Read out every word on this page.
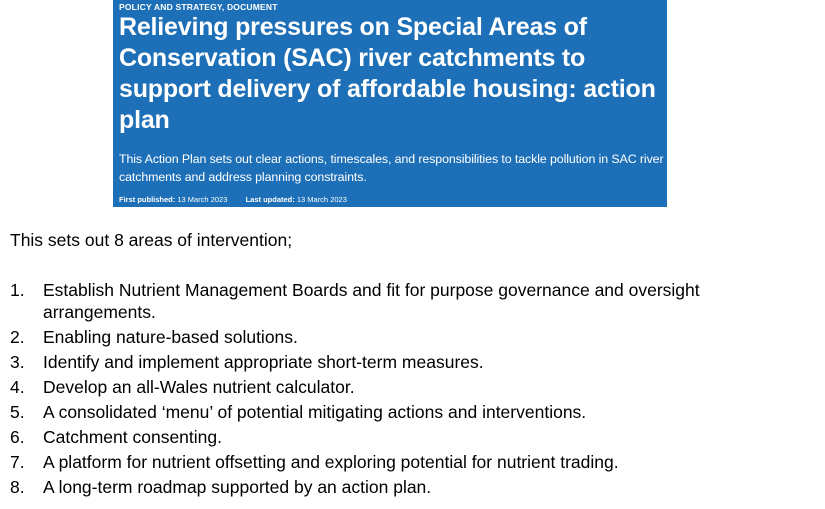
POLICY AND STRATEGY, DOCUMENT
Relieving pressures on Special Areas of Conservation (SAC) river catchments to support delivery of affordable housing: action plan

This Action Plan sets out clear actions, timescales, and responsibilities to tackle pollution in SAC river catchments and address planning constraints.

First published: 13 March 2023 Last updated: 13 March 2023

This sets out 8 areas of intervention;

1. Establish Nutrient Management Boards and fit for purpose governance and oversight arrangements.
2. Enabling nature-based solutions.
3. Identify and implement appropriate short-term measures.
4. Develop an all-Wales nutrient calculator.
5. A consolidated ‘menu’ of potential mitigating actions and interventions.
6. Catchment consenting.
7. A platform for nutrient offsetting and exploring potential for nutrient trading.
8. A long-term roadmap supported by an action plan.
